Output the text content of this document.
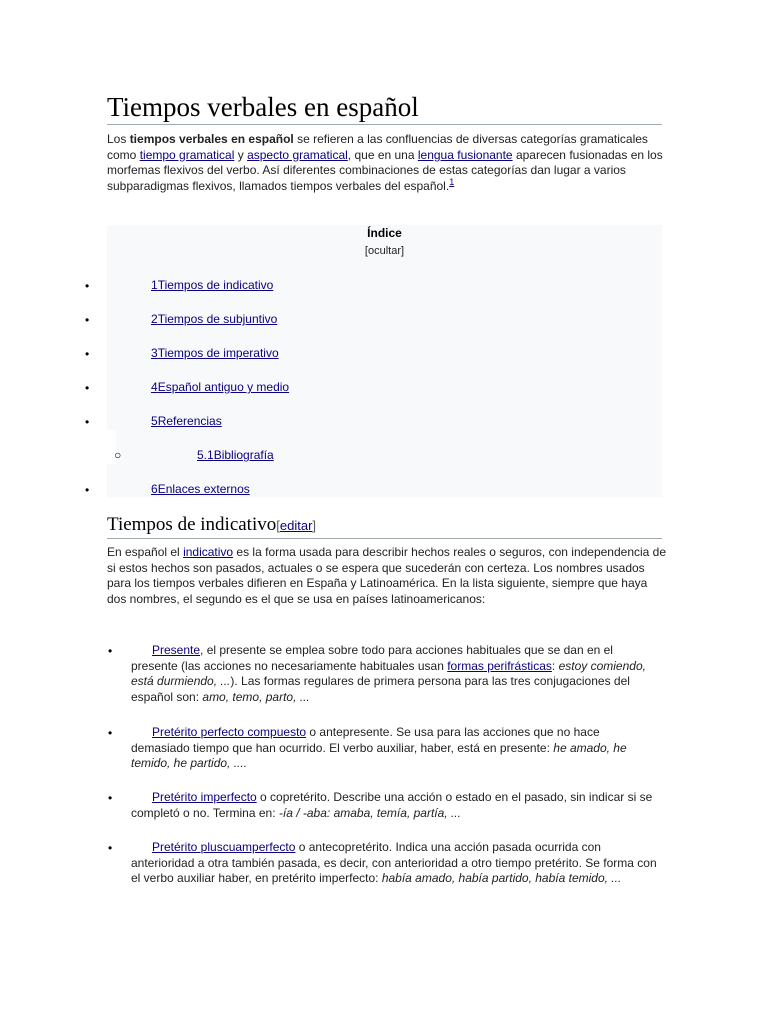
Tiempos verbales en español

Los tiempos verbales en español se refieren a las confluencias de diversas categorías gramaticales como tiempo gramatical y aspecto gramatical, que en una lengua fusionante aparecen fusionadas en los morfemas flexivos del verbo. Así diferentes combinaciones de estas categorías dan lugar a varios subparadigmas flexivos, llamados tiempos verbales del español.$^1$

Índice
[ocultar]
•	1Tiempos de indicativo
•	2Tiempos de subjuntivo
•	3Tiempos de imperativo
•	4Español antiguo y medio
•	5Referencias
○	5.1Bibliografía
•	6Enlaces externos
Tiempos de indicativo[editar]

En español el indicativo es la forma usada para describir hechos reales o seguros, con independencia de si estos hechos son pasados, actuales o se espera que sucederán con certeza. Los nombres usados para los tiempos verbales difieren en España y Latinoamérica. En la lista siguiente, siempre que haya dos nombres, el segundo es el que se usa en países latinoamericanos:

•	Presente, el presente se emplea sobre todo para acciones habituales que se dan en el presente (las acciones no necesariamente habituales usan formas perifrásticas: estoy comiendo, está durmiendo, ...). Las formas regulares de primera persona para las tres conjugaciones del español son: amo, temo, parto, ...

•	Pretérito perfecto compuesto o antepresente. Se usa para las acciones que no hace demasiado tiempo que han ocurrido. El verbo auxiliar, haber, está en presente: he amado, he temido, he partido, ....

•	Pretérito imperfecto o copretérito. Describe una acción o estado en el pasado, sin indicar si se completó o no. Termina en: -ía / -aba: amaba, temía, partía, ...

•	Pretérito pluscuamperfecto o antecopretérito. Indica una acción pasada ocurrida con anterioridad a otra también pasada, es decir, con anterioridad a otro tiempo pretérito. Se forma con el verbo auxiliar haber, en pretérito imperfecto: había amado, había partido, había temido, ...
